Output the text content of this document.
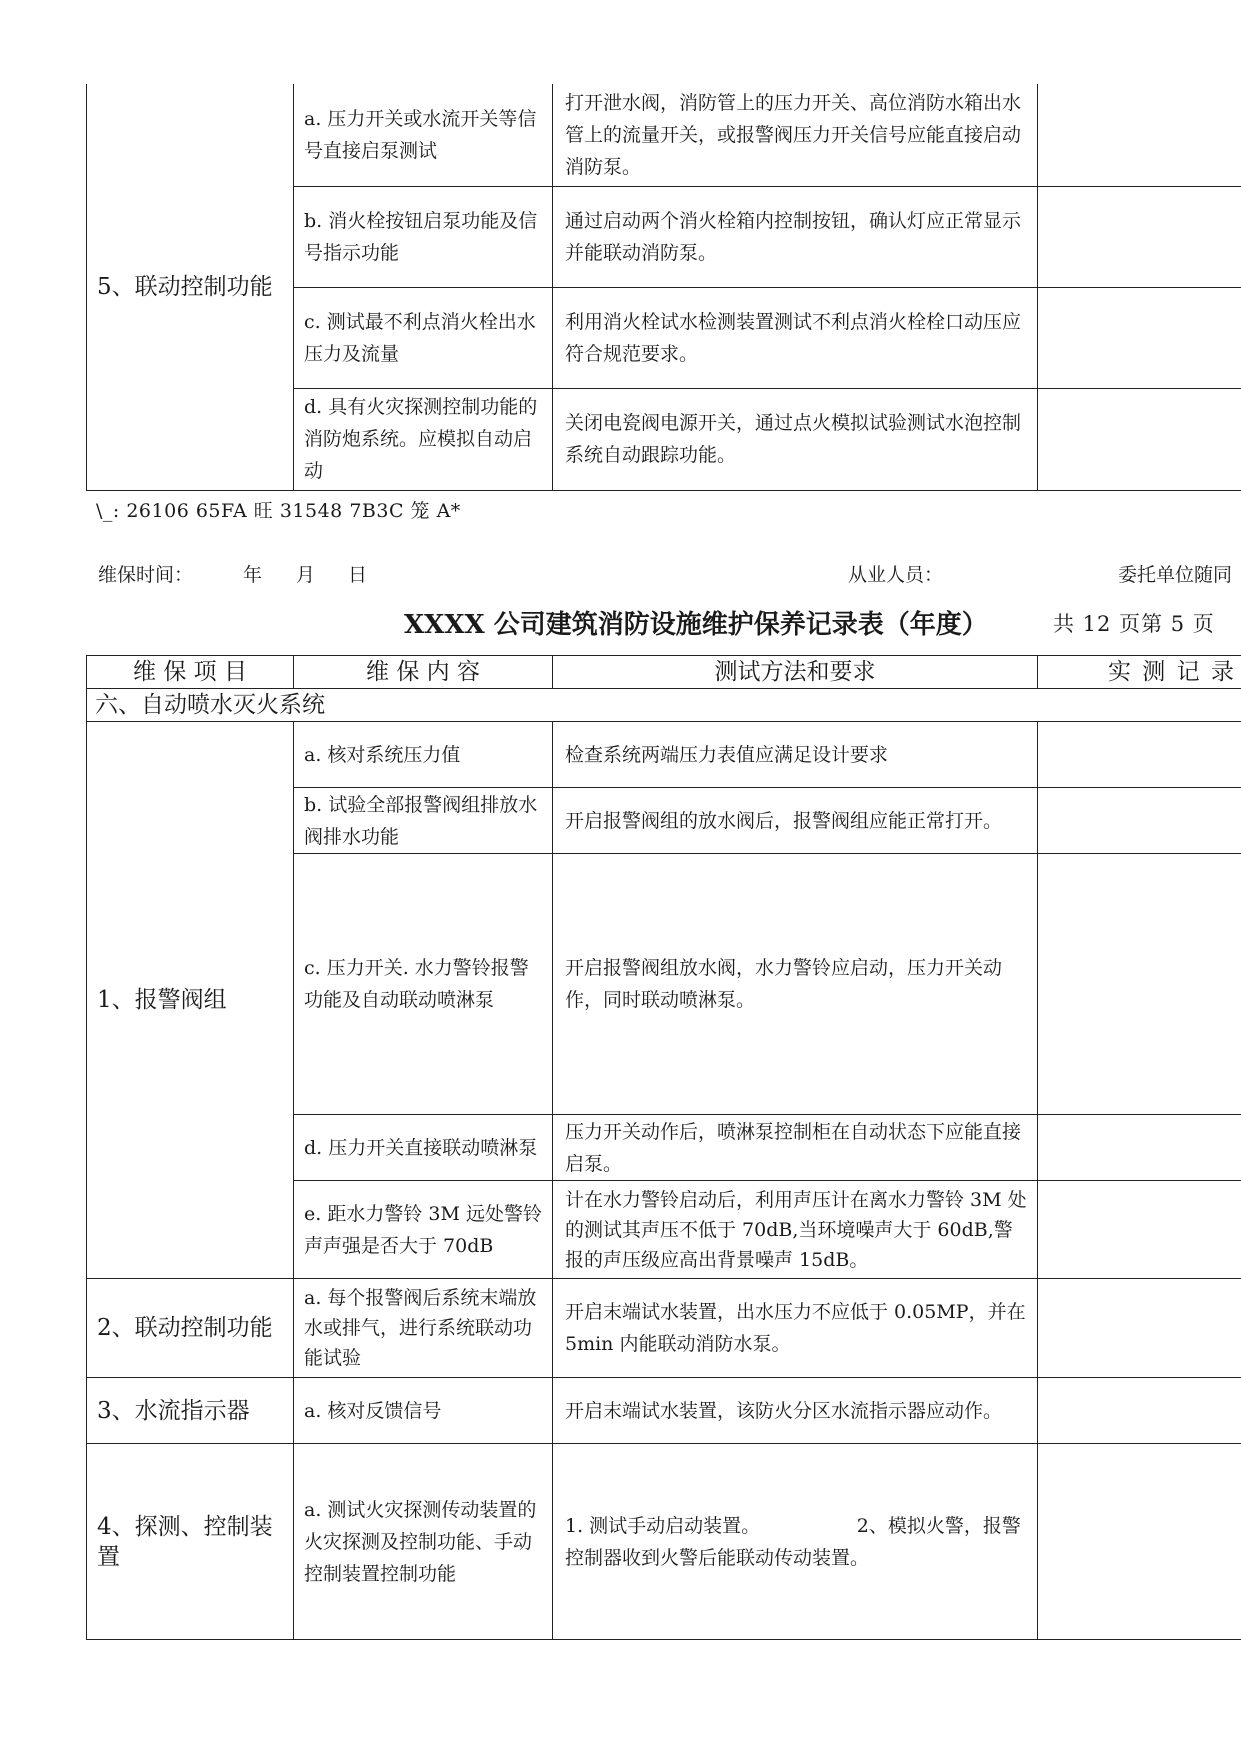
5、联动控制功能	a. 压力开关或水流开关等信号直接启泵测试	打开泄水阀，消防管上的压力开关、高位消防水箱出水管上的流量开关，或报警阀压力开关信号应能直接启动消防泵。	
	b. 消火栓按钮启泵功能及信号指示功能	通过启动两个消火栓箱内控制按钮，确认灯应正常显示并能联动消防泵。	
	c. 测试最不利点消火栓出水压力及流量	利用消火栓试水检测装置测试不利点消火栓栓口动压应符合规范要求。	
	d. 具有火灾探测控制功能的消防炮系统。应模拟自动启动	关闭电瓷阀电源开关，通过点火模拟试验测试水泡控制系统自动跟踪功能。	
\_: 26106 65FA 旺 31548 7B3C 笼 A*
维保时间：	年 月 日	从业人员：	委托单位随同
XXXX 公司建筑消防设施维护保养记录表（年度）	共 12 页第 5 页
维 保 项 目	维 保 内 容	测试方法和要求	实 测 记 录
六、自动喷水灭火系统			
1、报警阀组	a. 核对系统压力值	检查系统两端压力表值应满足设计要求	
	b. 试验全部报警阀组排放水阀排水功能	开启报警阀组的放水阀后，报警阀组应能正常打开。	
	c. 压力开关. 水力警铃报警功能及自动联动喷淋泵	开启报警阀组放水阀，水力警铃应启动，压力开关动作，同时联动喷淋泵。	
	d. 压力开关直接联动喷淋泵	压力开关动作后，喷淋泵控制柜在自动状态下应能直接启泵。	
	e. 距水力警铃 3M 远处警铃声声强是否大于 70dB	计在水力警铃启动后，利用声压计在离水力警铃 3M 处的测试其声压不低于 70dB,当环境噪声大于 60dB,警报的声压级应高出背景噪声 15dB。	
2、联动控制功能	a. 每个报警阀后系统末端放水或排气，进行系统联动功能试验	开启末端试水装置，出水压力不应低于 0.05MP，并在 5min 内能联动消防水泵。	
3、水流指示器	a. 核对反馈信号	开启末端试水装置，该防火分区水流指示器应动作。	
4、探测、控制装置	a. 测试火灾探测传动装置的火灾探测及控制功能、手动控制装置控制功能	1. 测试手动启动装置。                2、模拟火警，报警控制器收到火警后能联动传动装置。	
